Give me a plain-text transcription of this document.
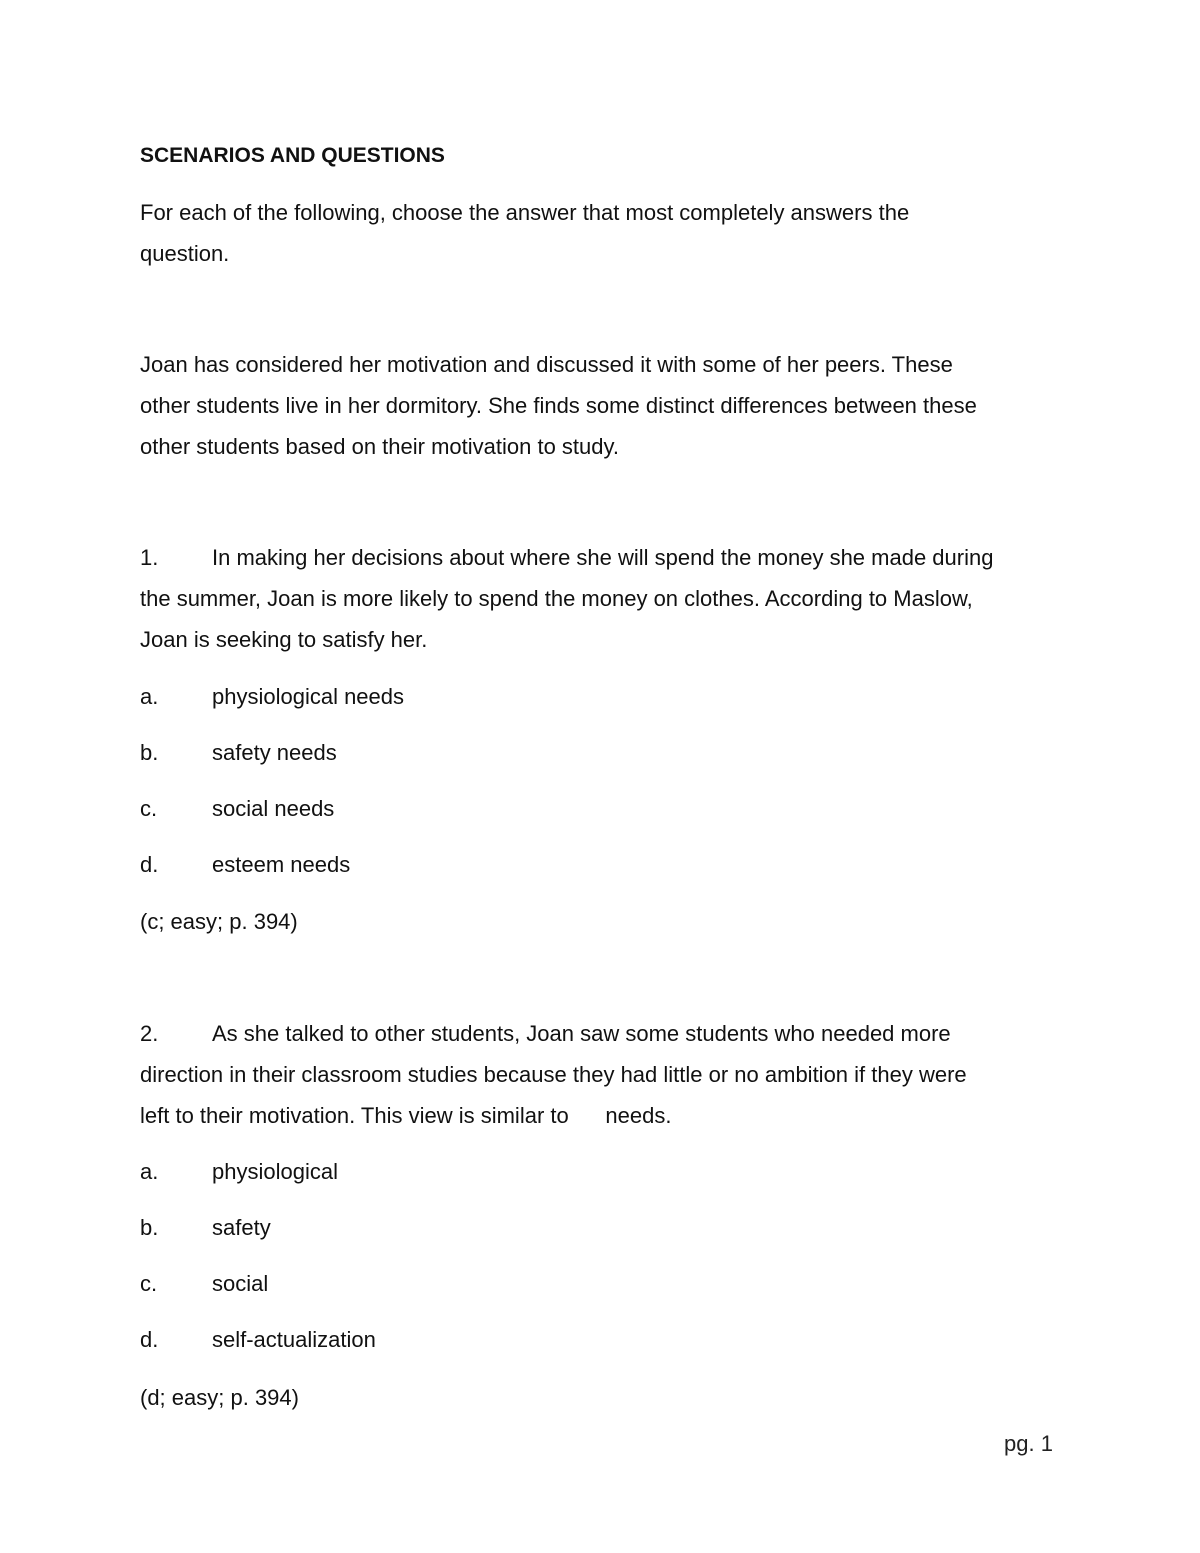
SCENARIOS AND QUESTIONS
For each of the following, choose the answer that most completely answers the
question.
Joan has considered her motivation and discussed it with some of her peers. These
other students live in her dormitory. She finds some distinct differences between these
other students based on their motivation to study.
1. In making her decisions about where she will spend the money she made during
the summer, Joan is more likely to spend the money on clothes. According to Maslow,
Joan is seeking to satisfy her.
a. physiological needs
b. safety needs
c. social needs
d. esteem needs
(c; easy; p. 394)
2. As she talked to other students, Joan saw some students who needed more
direction in their classroom studies because they had little or no ambition if they were
left to their motivation. This view is similar to      needs.
a. physiological
b. safety
c. social
d. self-actualization
(d; easy; p. 394)
pg. 1
